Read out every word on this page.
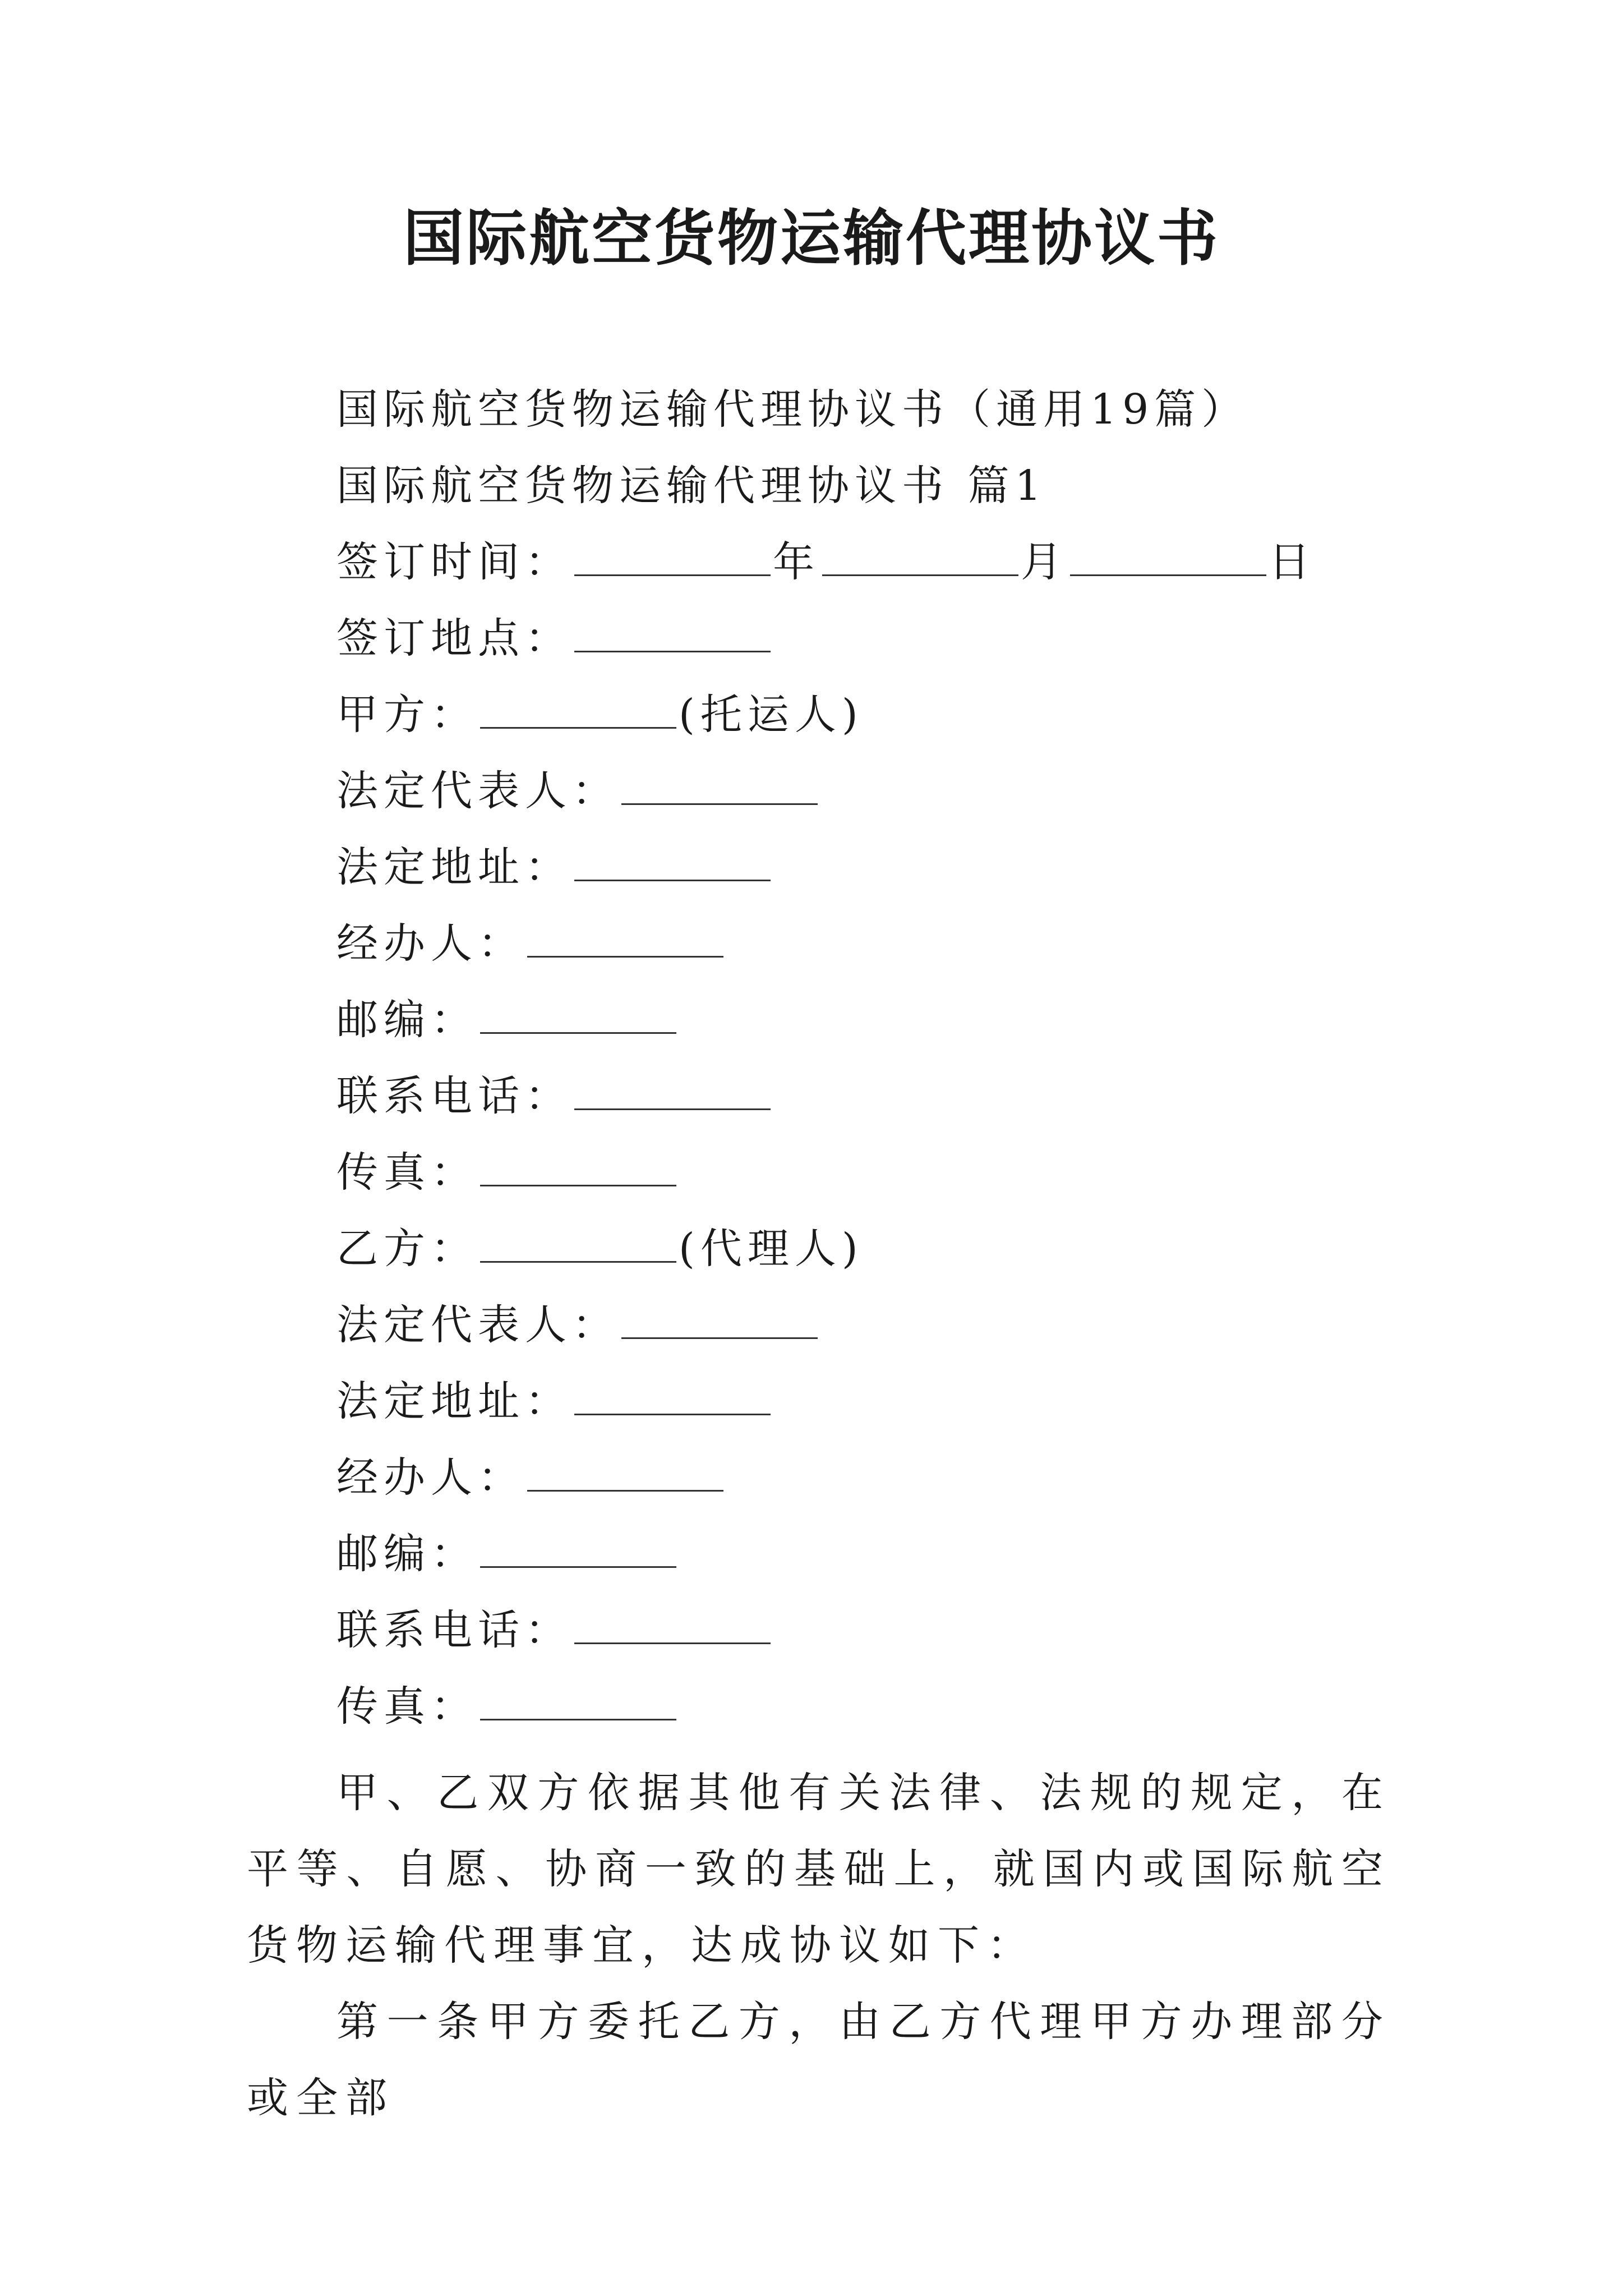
国际航空货物运输代理协议书
国际航空货物运输代理协议书（通用19篇）
国际航空货物运输代理协议书 篇1
签订时间：	年	月	日
签订地点：
甲方：	(托运人)
法定代表人：
法定地址：
经办人：
邮编：
联系电话：
传真：
乙方：	(代理人)
法定代表人：
法定地址：
经办人：
邮编：
联系电话：
传真：
甲、乙双方依据其他有关法律、法规的规定，在平等、自愿、协商一致的基础上，就国内或国际航空货物运输代理事宜，达成协议如下：
第一条甲方委托乙方，由乙方代理甲方办理部分或全部
